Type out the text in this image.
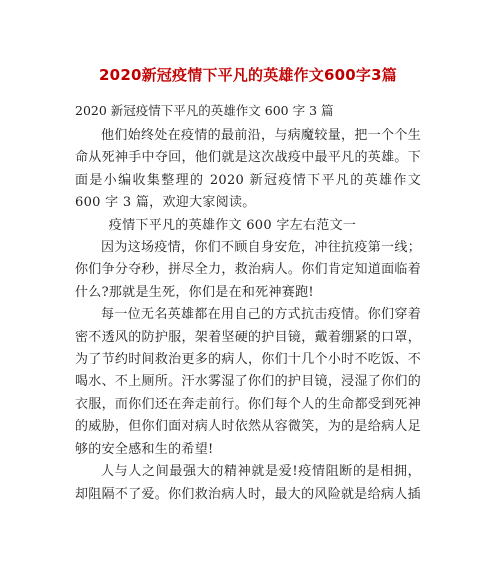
2020新冠疫情下平凡的英雄作文600字3篇
2020 新冠疫情下平凡的英雄作文 600 字 3 篇

他们始终处在疫情的最前沿，与病魔较量，把一个个生命从死神手中夺回，他们就是这次战疫中最平凡的英雄。下面是小编收集整理的 2020 新冠疫情下平凡的英雄作文 600 字 3 篇，欢迎大家阅读。

疫情下平凡的英雄作文 600 字左右范文一

因为这场疫情，你们不顾自身安危，冲往抗疫第一线；你们争分夺秒，拼尽全力，救治病人。你们肯定知道面临着什么?那就是生死，你们是在和死神赛跑!

每一位无名英雄都在用自己的方式抗击疫情。你们穿着密不透风的防护服，架着坚硬的护目镜，戴着绷紧的口罩，为了节约时间救治更多的病人，你们十几个小时不吃饭、不喝水、不上厕所。汗水雾湿了你们的护目镜，浸湿了你们的衣服，而你们还在奔走前行。你们每个人的生命都受到死神的威胁，但你们面对病人时依然从容微笑，为的是给病人足够的安全感和生的希望!

人与人之间最强大的精神就是爱!疫情阻断的是相拥，却阻隔不了爱。你们救治病人时，最大的风险就是给病人插
